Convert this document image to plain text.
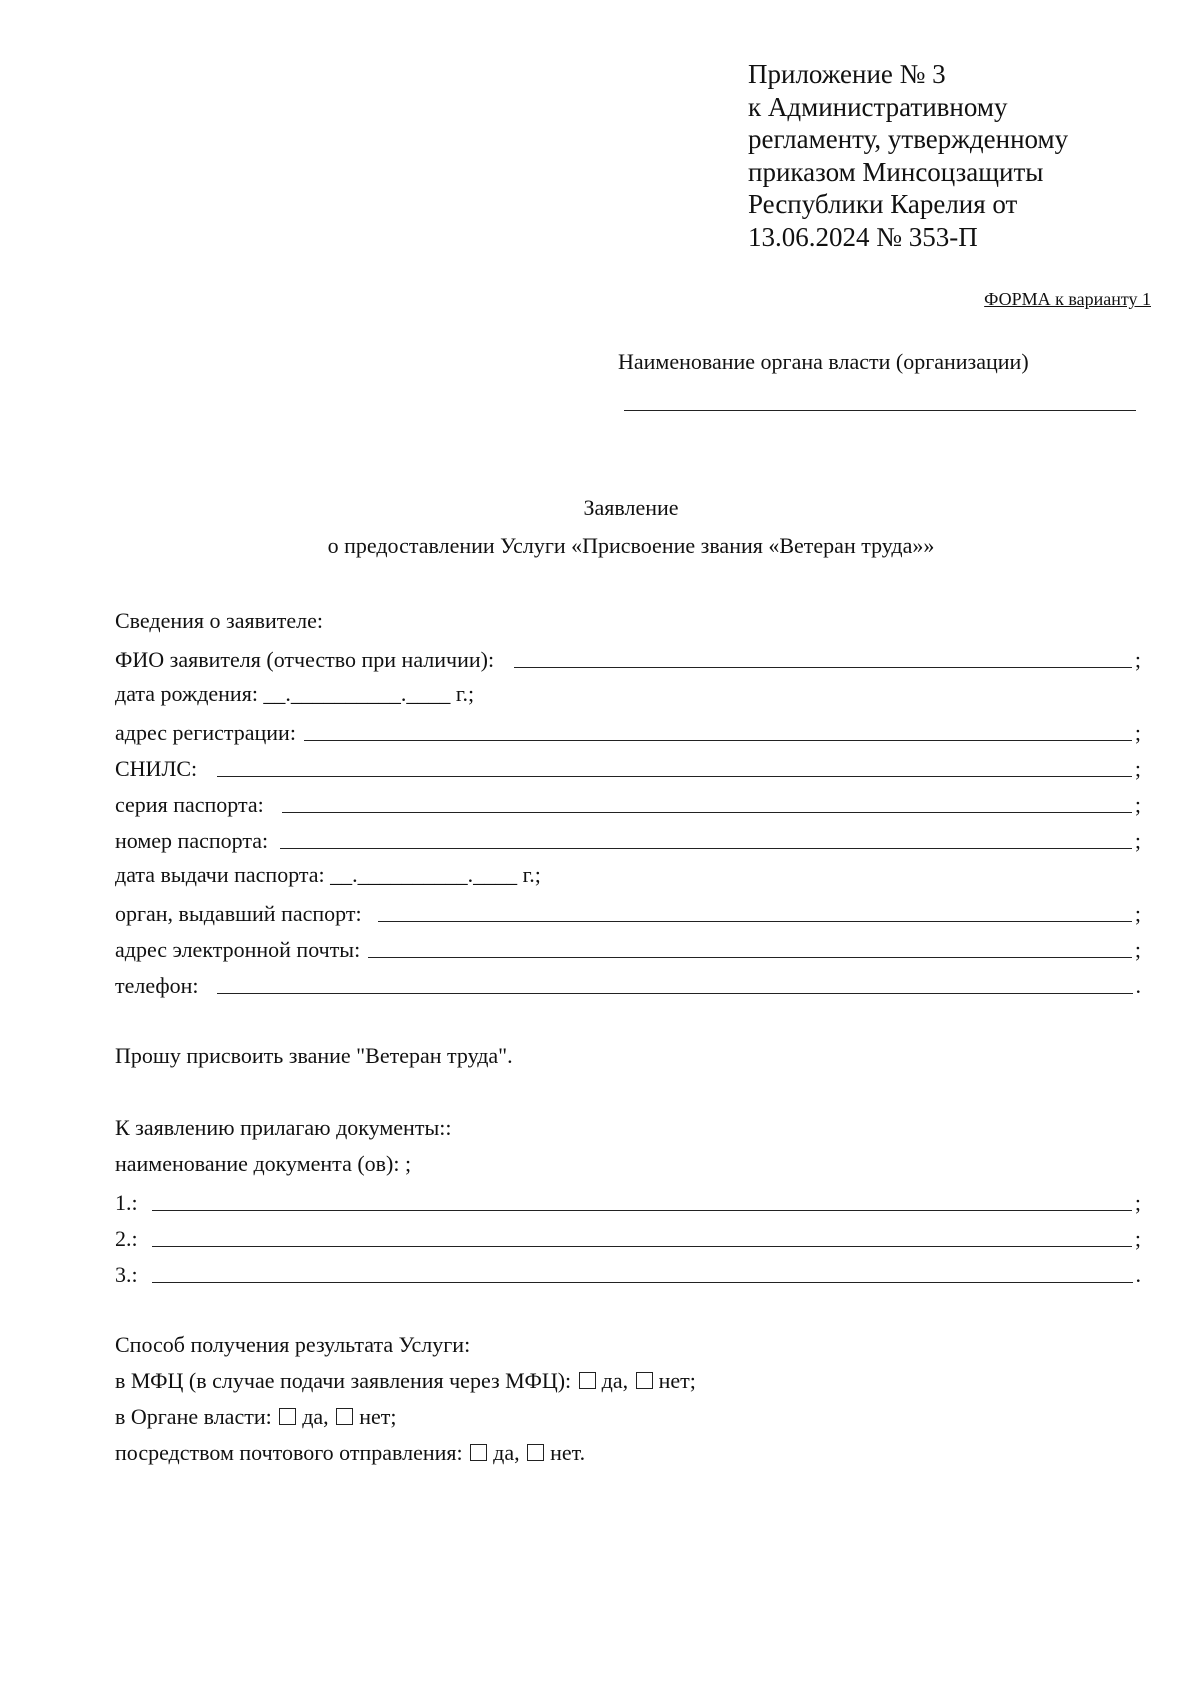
Приложение № 3
к Административному
регламенту, утвержденному
приказом Минсоцзащиты
Республики Карелия от
13.06.2024 № 353-П
ФОРМА к варианту 1
Наименование органа власти (организации)
Заявление
о предоставлении Услуги «Присвоение звания «Ветеран труда»»
Сведения о заявителе:
ФИО заявителя (отчество при наличии):	;
дата рождения: __.__________.____ г.;
адрес регистрации:	;
СНИЛС:	;
серия паспорта:	;
номер паспорта:	;
дата выдачи паспорта: __.__________.____ г.;
орган, выдавший паспорт:	;
адрес электронной почты:	;
телефон:	.
Прошу присвоить звание "Ветеран труда".
К заявлению прилагаю документы::
наименование документа (ов): ;
1.:	;
2.:	;
3.:	.
Способ получения результата Услуги:
в МФЦ (в случае подачи заявления через МФЦ): да, нет;
в Органе власти: да, нет;
посредством почтового отправления: да, нет.
